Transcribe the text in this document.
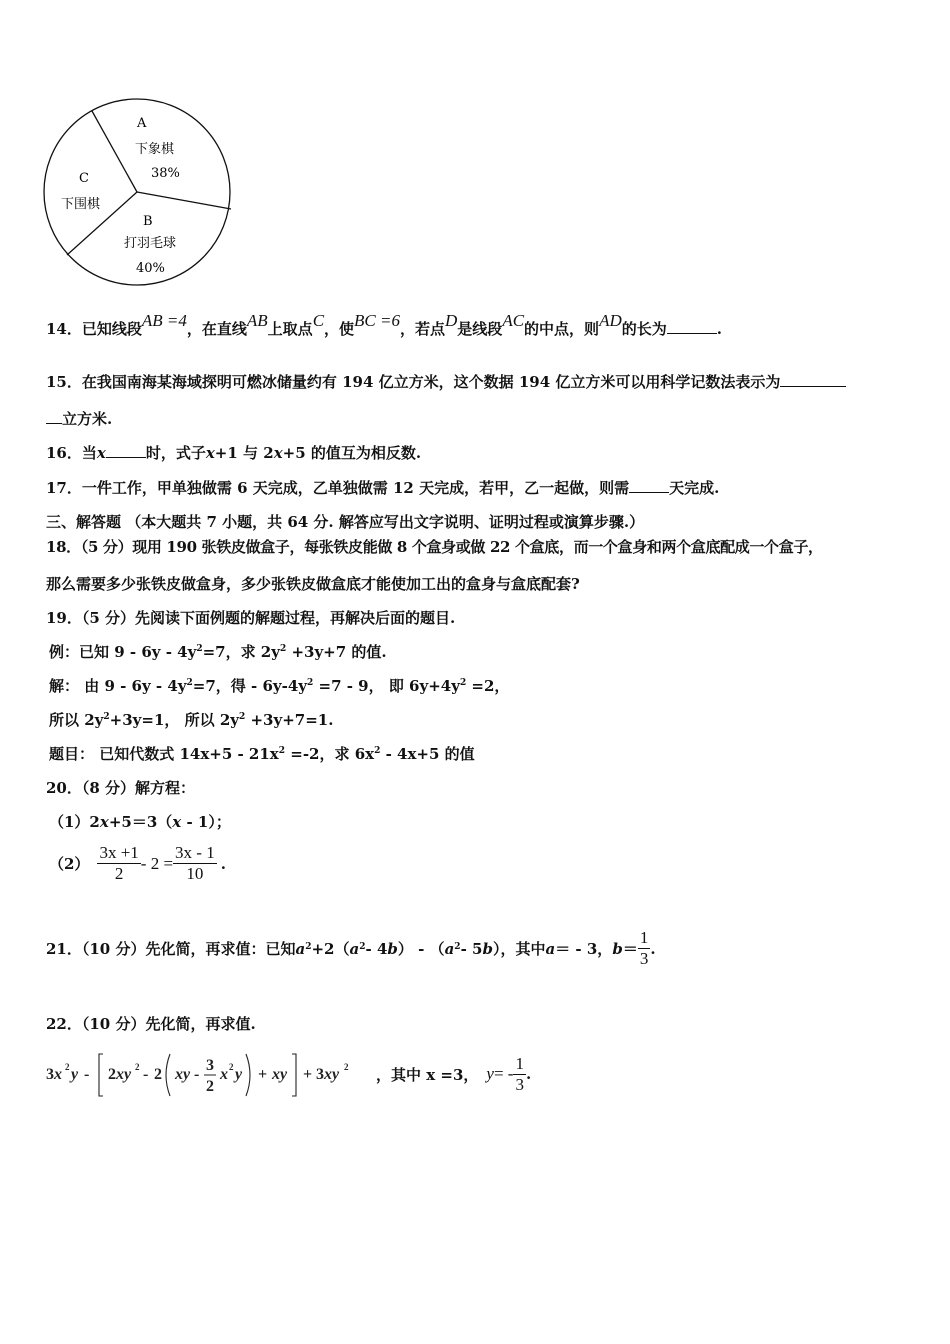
A
下象棋
38%
C
下围棋
B
打羽毛球
40%
14．已知线段AB =4，在直线AB上取点C，使BC =6，若点D是线段AC的中点，则AD的长为	.
15．在我国南海某海域探明可燃冰储量约有 194 亿立方米，这个数据 194 亿立方米可以用科学记数法表示为
立方米.
16．当x	时，式子x+1 与 2x+5 的值互为相反数.
17．一件工作，甲单独做需 6 天完成，乙单独做需 12 天完成，若甲，乙一起做，则需	天完成.
三、解答题 （本大题共 7 小题，共 64 分. 解答应写出文字说明、证明过程或演算步骤.）
18．（5 分）现用 190 张铁皮做盒子，每张铁皮能做 8 个盒身或做 22 个盒底，而一个盒身和两个盒底配成一个盒子，
那么需要多少张铁皮做盒身，多少张铁皮做盒底才能使加工出的盒身与盒底配套?
19．（5 分）先阅读下面例题的解题过程，再解决后面的题目.
例：已知 $9 - 6y - 4y^2=7$，求 $2y^2 +3y+7$ 的值.
解： 由 $9 - 6y - 4y^2=7$，得 - $6y-4y^2 =7 - 9$， 即 $6y+4y^2 =2$，
所以 $2y^2+3y=1$， 所以 $2y^2 +3y+7=1$.
题目： 已知代数式 $14x+5 - 21x^2 =-2$，求 $6x^2 - 4x+5$ 的值
20．（8 分）解方程：
（1）2x+5＝3（x - 1）；
$(2) \frac{3x +1}{2} - 2 = \frac{3x - 1}{10}$ .
21．（10 分）先化简，再求值：已知 a 2 +2（ a 2 - 4 b ） - （ a 2 - 5 b ），其中 a ＝ - 3， $b = \frac{1}{3}$ .
22．（10 分）先化简，再求值.
3x 2 y - 2xy 2 - 2 xy -
3
2
x 2 y + xy + 3xy 2 ，其中 x =3， y = - $\frac{1}{3}$ .
